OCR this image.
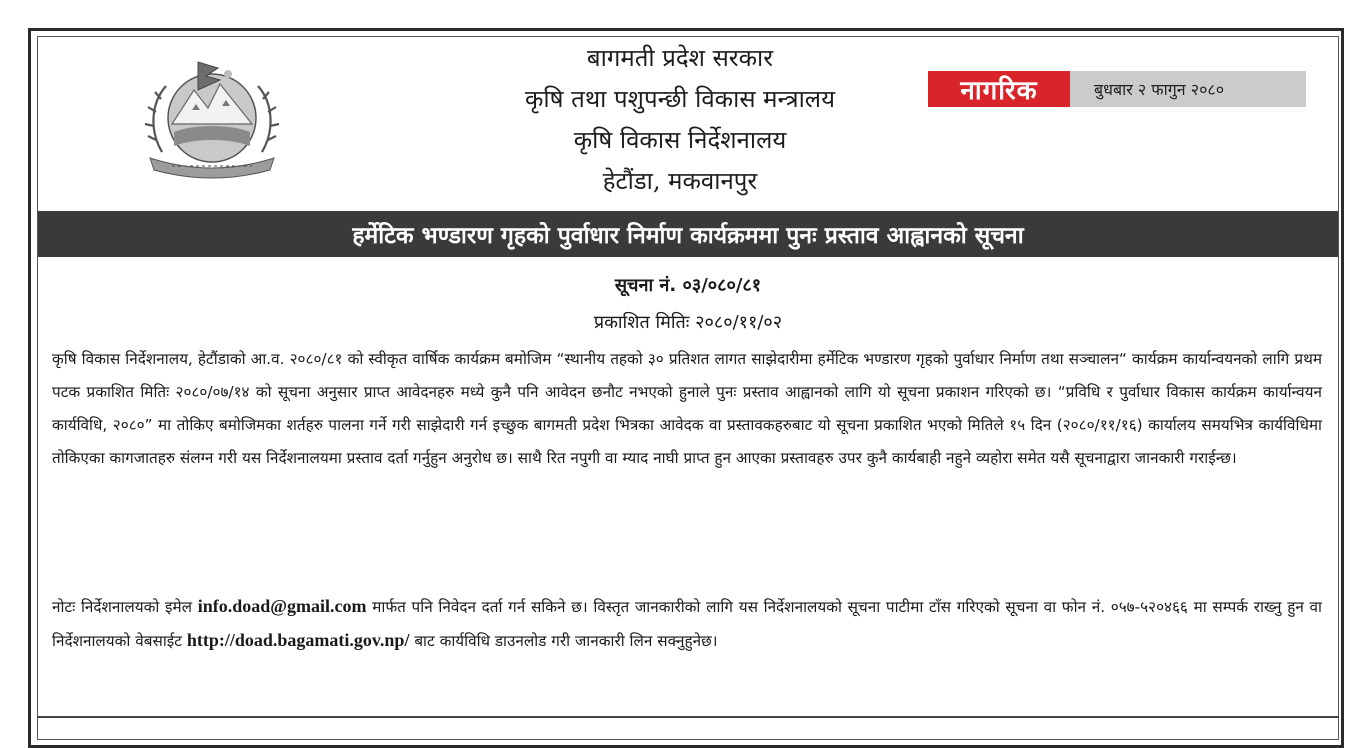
बागमती प्रदेश सरकार
कृषि तथा पशुपन्छी विकास मन्त्रालय
कृषि विकास निर्देशनालय
हेटौंडा, मकवानपुर
नागरिक	बुधबार २ फागुन २०८०
हर्मेटिक भण्डारण गृहको पुर्वाधार निर्माण कार्यक्रममा पुनः प्रस्ताव आह्वानको सूचना
सूचना नं. ०३/०८०/८१
प्रकाशित मितिः २०८०/११/०२

कृषि विकास निर्देशनालय, हेटौंडाको आ.व. २०८०/८१ को स्वीकृत वार्षिक कार्यक्रम बमोजिम “स्थानीय तहको ३० प्रतिशत लागत साझेदारीमा हर्मेटिक भण्डारण गृहको पुर्वाधार निर्माण तथा सञ्चालन“ कार्यक्रम कार्यान्वयनको लागि प्रथम पटक प्रकाशित मितिः २०८०/०७/१४ को सूचना अनुसार प्राप्त आवेदनहरु मध्ये कुनै पनि आवेदन छनौट नभएको हुनाले पुनः प्रस्ताव आह्वानको लागि यो सूचना प्रकाशन गरिएको छ। “प्रविधि र पुर्वाधार विकास कार्यक्रम कार्यान्वयन कार्यविधि, २०८०” मा तोकिए बमोजिमका शर्तहरु पालना गर्ने गरी साझेदारी गर्न इच्छुक बागमती प्रदेश भित्रका आवेदक वा प्रस्तावकहरुबाट यो सूचना प्रकाशित भएको मितिले १५ दिन (२०८०/११/१६) कार्यालय समयभित्र कार्यविधिमा तोकिएका कागजातहरु संलग्न गरी यस निर्देशनालयमा प्रस्ताव दर्ता गर्नुहुन अनुरोध छ। साथै रित नपुगी वा म्याद नाघी प्राप्त हुन आएका प्रस्तावहरु उपर कुनै कार्यबाही नहुने व्यहोरा समेत यसै सूचनाद्वारा जानकारी गराईन्छ।

नोटः निर्देशनालयको इमेल info.doad@gmail.com मार्फत पनि निवेदन दर्ता गर्न सकिने छ। विस्तृत जानकारीको लागि यस निर्देशनालयको सूचना पाटीमा टाँस गरिएको सूचना वा फोन नं. ०५७-५२०४६६ मा सम्पर्क राख्नु हुन वा निर्देशनालयको वेबसाईट http://doad.bagamati.gov.np/ बाट कार्यविधि डाउनलोड गरी जानकारी लिन सक्नुहुनेछ।
